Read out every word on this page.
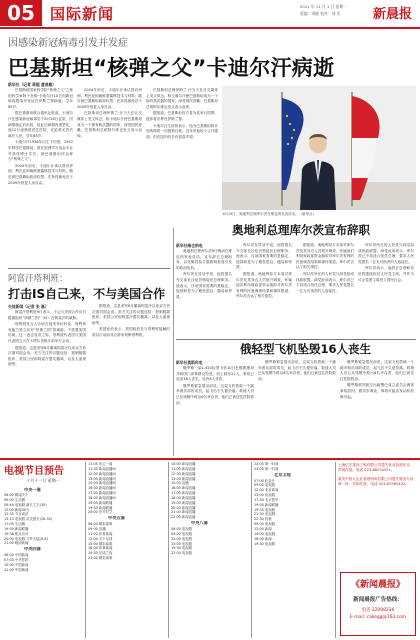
05	国际新闻	2021 年 11 月 1 日 星期一
责编：刘晓 校对：刘 军	新晨报
因感染新冠病毒引发并发症
巴基斯坦“核弹之父”卡迪尔汗病逝
新华社（记者 蒋超 唐昌敏）

巴基斯坦国家科学院“核弹之父”之称的科学家阿卜杜勒·卡迪尔汗10日因新冠病毒感染并发症在伊斯兰堡病逝，享年85岁。

据巴基斯坦联合通讯社报道，卡迪尔汗在感染新冠病毒后于8月26日住院，因病情稳定后出院，但此后病情再度恶化。他10日凌晨被送往医院，在抢救无效后离开人世，享年85岁。

卡迪尔汗1936年出生于印度，1952年移居巴基斯坦，曾在欧洲学习冶金专业并获得博士学位，被巴基斯坦民众称为“核弹之父”。

2004年前后，卡迪尔汗承认曾向伊朗、利比亚和朝鲜泄露核技术与材料，随后被巴基斯坦政府软禁，在获得赦免后于2009年恢复人身自由。

2004年前后，卡迪尔汗承认曾向伊朗、利比亚和朝鲜泄露核技术与材料，随后被巴基斯坦政府软禁，在获得赦免后于2009年恢复人身自由。

巴基斯坦总理伊姆兰·汗当天在社交媒体上发文悼念，称卡迪尔汗使巴基斯坦成为一个拥有核武器的国家，深受国民爱戴。巴基斯坦总统阿尔维也发文表示哀悼。

巴基斯坦总理伊姆兰·汗当天在社交媒体上发文悼念，称卡迪尔汗使巴基斯坦成为一个拥有核武器的国家，深受国民爱戴。巴基斯坦总统阿尔维也发文表示哀悼。

据报道，巴基斯坦官方将为其举行国葬，遗体将安葬在伊斯兰堡。

卡迪尔汗生前曾表示，他为巴基斯坦核计划所做的一切感到自豪。近年来他较少公开露面，但在国内仍享有很高声望。

10月9日，奥地利总理库尔茨在维也纳发表讲话。（新华社）
奥地利总理库尔茨宣布辞职
新华社维也纳电

奥地利总理库尔茨9日晚间在维也纳发表讲话，宣布辞去总理职务，以化解因检方腐败调查而引发的政治危机。

库尔茨在讲话中说，他将提名外交部长沙伦贝格接任总理职务。他表示，目前国家需要的是稳定，他辞职是为了避免混乱、僵局和停滞。

库尔茨在讲话中说，他将提名外交部长沙伦贝格接任总理职务。他表示，目前国家需要的是稳定，他辞职是为了避免混乱、僵局和停滞。

据报道，奥地利检方本周对库尔茨及其身边人员展开调查，怀疑他们利用财政部资金换取对库尔茨有利的民意调查结果和媒体报道。库尔茨否认了相关指控。

据报道，奥地利检方本周对库尔茨及其身边人员展开调查，怀疑他们利用财政部资金换取对库尔茨有利的民意调查结果和媒体报道。库尔茨否认了相关指控。

库尔茨所在的人民党与绿党组成执政联盟。绿党此前表示，库尔茨已不再适合担任总理，要求人民党提名一位无可指责的人选接任。

库尔茨所在的人民党与绿党组成执政联盟。绿党此前表示，库尔茨已不再适合担任总理，要求人民党提名一位无可指责的人选接任。

库尔茨表示，他辞去总理职务后将继续担任人民党主席，并作为议会党团主席进入国民议会。

阿富汗塔利班：
打击IS自己来，不与美国合作
央视新闻（记者 张 磊）

阿富汗塔利班9日表示，不会与美国合作应对极端组织“伊斯兰国”（IS）在阿富汗的威胁。

塔利班发言人沙欣在接受采访时说，塔利班有能力独立应对“伊斯兰国”的威胁，不需要美国协助。这一表态发出之际，塔利班代表团与美国代表团当天在卡塔尔首都多哈举行会谈。

据报道，这是美军8月撤离阿富汗以来双方首次面对面会谈。美方关注的议题包括：遏制极端组织、美国公民和阿富汗盟友撤离，以及人道援助等。

据报道，这是美军8月撤离阿富汗以来双方首次面对面会谈。美方关注的议题包括：遏制极端组织、美国公民和阿富汗盟友撤离，以及人道援助等。

美国此前表示，美国政府在与塔利班接触时将以行动而非言辞来判断塔利班。

俄轻型飞机坠毁16人丧生
新华社莫斯科电

俄罗斯一架L-410轻型飞机10日在鞑靼斯坦共和国门泽林斯克坠毁，机上载有22人，事故已造成16人丧生，另有6人受伤。

俄罗斯紧急情况部说，这架飞机搭载一个跳伞俱乐部的成员，起飞后不久便坠落。救援人员已从残骸中救出6名幸存者，他们已被送往医院救治。

俄罗斯紧急情况部说，这架飞机搭载一个跳伞俱乐部的成员，起飞后不久便坠落。救援人员已从残骸中救出6名幸存者，他们已被送往医院救治。

俄罗斯紧急情况部说，这架飞机搭载一个跳伞俱乐部的成员，起飞后不久便坠落。救援人员已从残骸中救出6名幸存者，他们已被送往医院救治。

俄罗斯联邦航空运输署已成立委员会调查事故原因。据初步调查，事故可能由发动机故障引起。

电视节目预告
十月十一日 星期一
中央一套
06:00 朝闻天下
09:00 生活圈
09:49 电视剧 新九丈夫(30)
12:00 新闻30分
12:35 今日说法
13:13 电视剧 杂交团长(26-30)
17:05 生活圈
19:00 新闻联播
19:38 焦点访谈
20:00 电视剧 斗罗大陆(5-6)
21:00 晚间新闻
中央四套
06:00 中国新闻
07:00 中华医药
10:00 中国新闻
12:00 中国新闻
11:05 风云一周
11:30 新闻直播间
12:00 新闻直播间
13:00 新闻直播间
15:00 新闻直播间
16:00 新闻直播间
17:00 新闻直播间
18:00 新闻直播间
19:00 新闻联播
19:30 新闻联播
20:00 东方时空
中央五套
06:00 精彩赛事
09:00 直播
11:00 体育新闻
12:00 天下足球
15:00 精彩赛事
18:00 体育新闻
19:30 足球之夜
21:00 精彩赛事
10:00 新闻直播
11:00 新闻直播
12:30 新闻直播
13:00 新闻直播
15:00 直播
16:00 新闻直播
17:00 新闻直播
18:00 新闻直播
19:00 新闻直播
20:00 新闻直播
21:00 新闻直播
22:00 新闻直播
中央八套
06:00 电视剧
09:00 电视剧
12:00 电视剧
15:00 电视剧
19:30 电视剧
22:00 电视剧
22:00 第一时间
23:00 第一时间
北京卫视
07:00 纪录片
09:00 电视剧
12:00 北京新闻
13:00 电视剧
17:30 北京您早
19:00 新闻联播
19:35 电视剧
21:30 电视剧
22:30 档案
09:00 电视剧
12:00 新闻
14:00 电视剧
18:00 新闻
19:30 电视剧
上海亿宏建设工程有限公司遗失营业执照正本，声明作废。电话 023-88234521。
重庆中智元企业管理咨询有限公司遗失财务专用章一枚，声明作废。电话 023-87965432。
《新闻晨报》
新闻晨报广告热线：
电话 22098236
E-mail: cakegg@163.com
